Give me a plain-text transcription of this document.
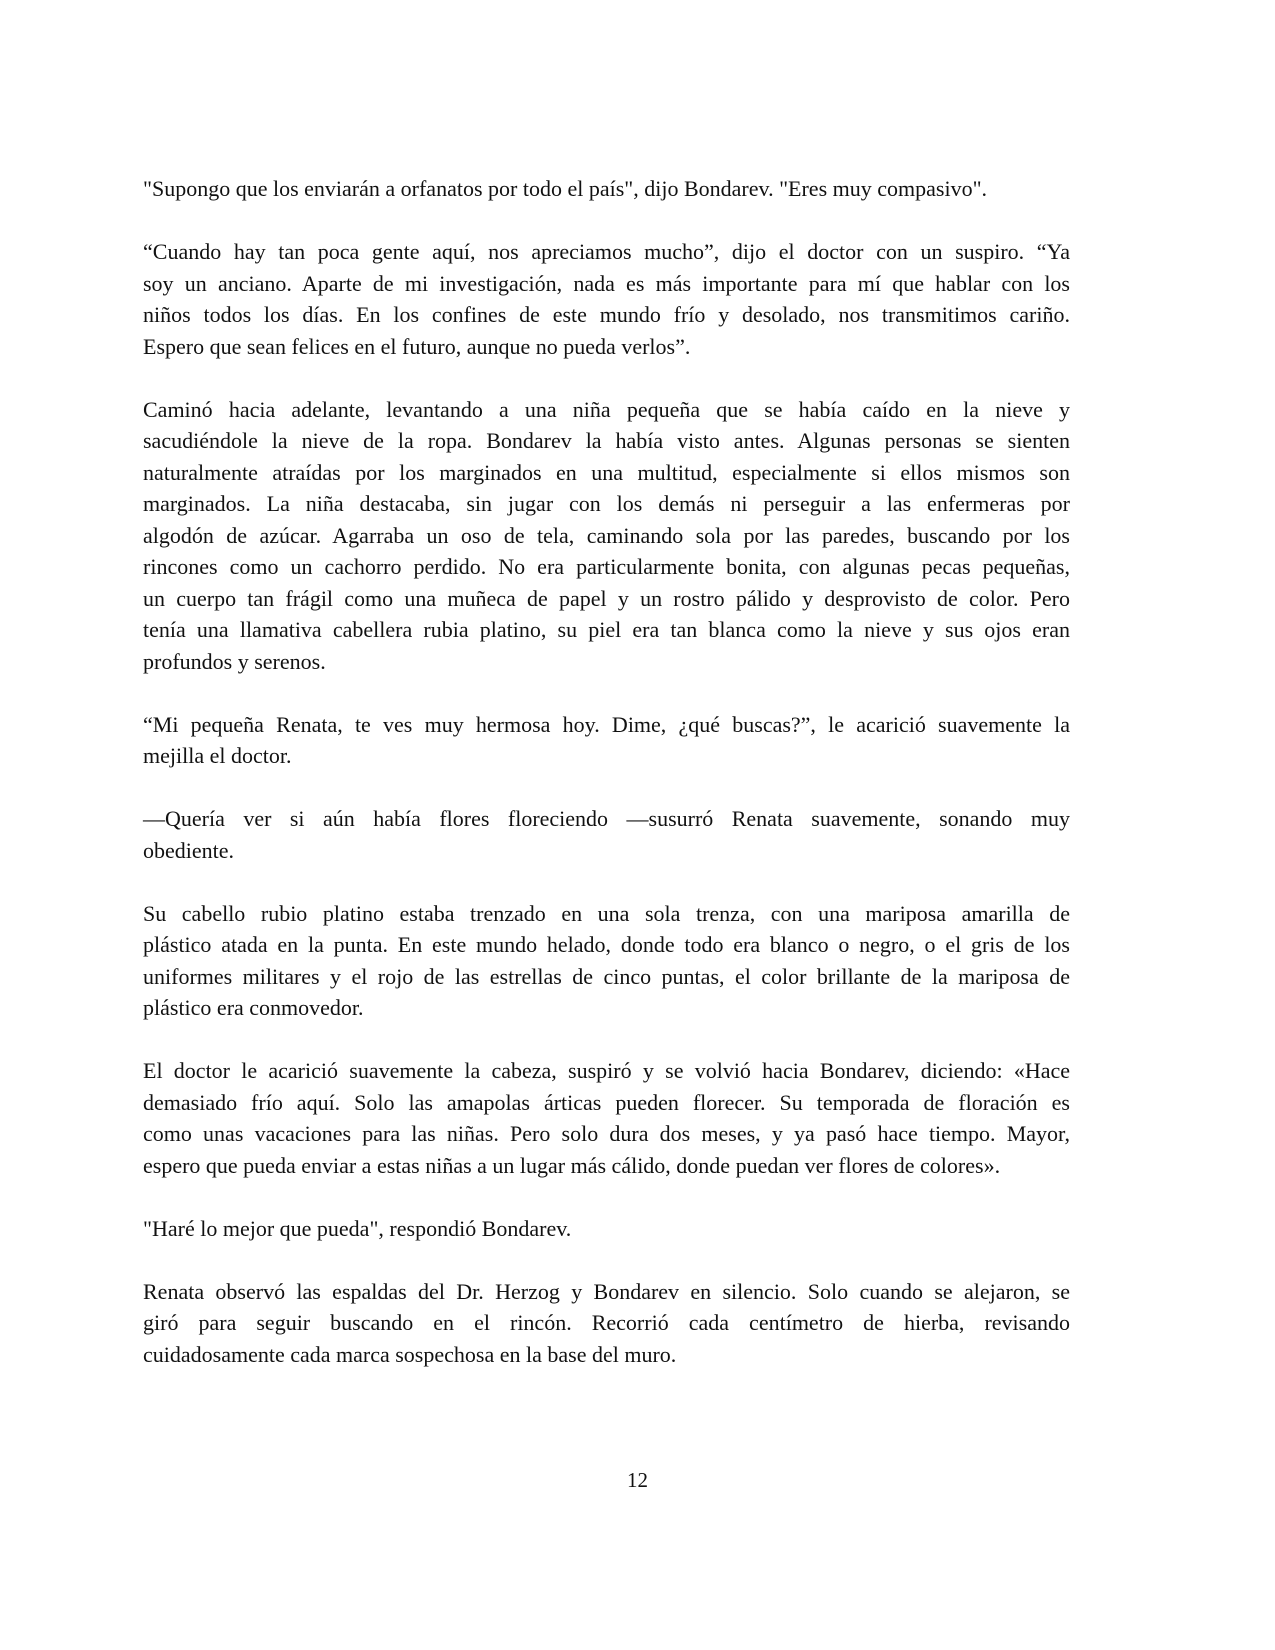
"Supongo que los enviarán a orfanatos por todo el país", dijo Bondarev. "Eres muy compasivo".
“Cuando hay tan poca gente aquí, nos apreciamos mucho”, dijo el doctor con un suspiro. “Ya
soy un anciano. Aparte de mi investigación, nada es más importante para mí que hablar con los
niños todos los días. En los confines de este mundo frío y desolado, nos transmitimos cariño.
Espero que sean felices en el futuro, aunque no pueda verlos”.
Caminó hacia adelante, levantando a una niña pequeña que se había caído en la nieve y
sacudiéndole la nieve de la ropa. Bondarev la había visto antes. Algunas personas se sienten
naturalmente atraídas por los marginados en una multitud, especialmente si ellos mismos son
marginados. La niña destacaba, sin jugar con los demás ni perseguir a las enfermeras por
algodón de azúcar. Agarraba un oso de tela, caminando sola por las paredes, buscando por los
rincones como un cachorro perdido. No era particularmente bonita, con algunas pecas pequeñas,
un cuerpo tan frágil como una muñeca de papel y un rostro pálido y desprovisto de color. Pero
tenía una llamativa cabellera rubia platino, su piel era tan blanca como la nieve y sus ojos eran
profundos y serenos.
“Mi pequeña Renata, te ves muy hermosa hoy. Dime, ¿qué buscas?”, le acarició suavemente la
mejilla el doctor.
—Quería ver si aún había flores floreciendo —susurró Renata suavemente, sonando muy
obediente.
Su cabello rubio platino estaba trenzado en una sola trenza, con una mariposa amarilla de
plástico atada en la punta. En este mundo helado, donde todo era blanco o negro, o el gris de los
uniformes militares y el rojo de las estrellas de cinco puntas, el color brillante de la mariposa de
plástico era conmovedor.
El doctor le acarició suavemente la cabeza, suspiró y se volvió hacia Bondarev, diciendo: «Hace
demasiado frío aquí. Solo las amapolas árticas pueden florecer. Su temporada de floración es
como unas vacaciones para las niñas. Pero solo dura dos meses, y ya pasó hace tiempo. Mayor,
espero que pueda enviar a estas niñas a un lugar más cálido, donde puedan ver flores de colores».
"Haré lo mejor que pueda", respondió Bondarev.
Renata observó las espaldas del Dr. Herzog y Bondarev en silencio. Solo cuando se alejaron, se
giró para seguir buscando en el rincón. Recorrió cada centímetro de hierba, revisando
cuidadosamente cada marca sospechosa en la base del muro.
12
